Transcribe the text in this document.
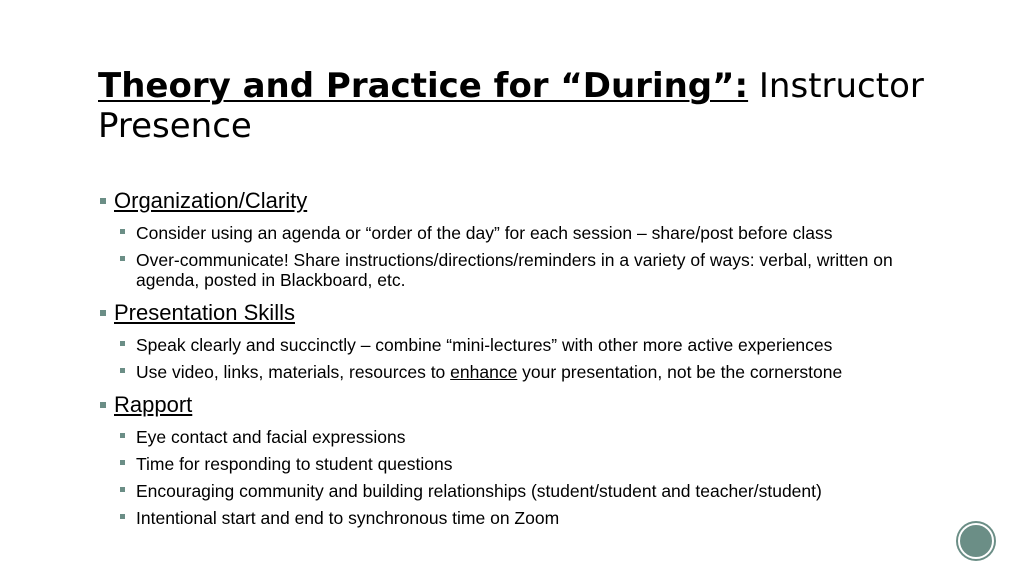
Theory and Practice for “During”: Instructor Presence
Organization/Clarity
Consider using an agenda or “order of the day” for each session – share/post before class
Over-communicate! Share instructions/directions/reminders in a variety of ways: verbal, written on agenda, posted in Blackboard, etc.
Presentation Skills
Speak clearly and succinctly – combine “mini-lectures” with other more active experiences
Use video, links, materials, resources to enhance your presentation, not be the cornerstone
Rapport
Eye contact and facial expressions
Time for responding to student questions
Encouraging community and building relationships (student/student and teacher/student)
Intentional start and end to synchronous time on Zoom
